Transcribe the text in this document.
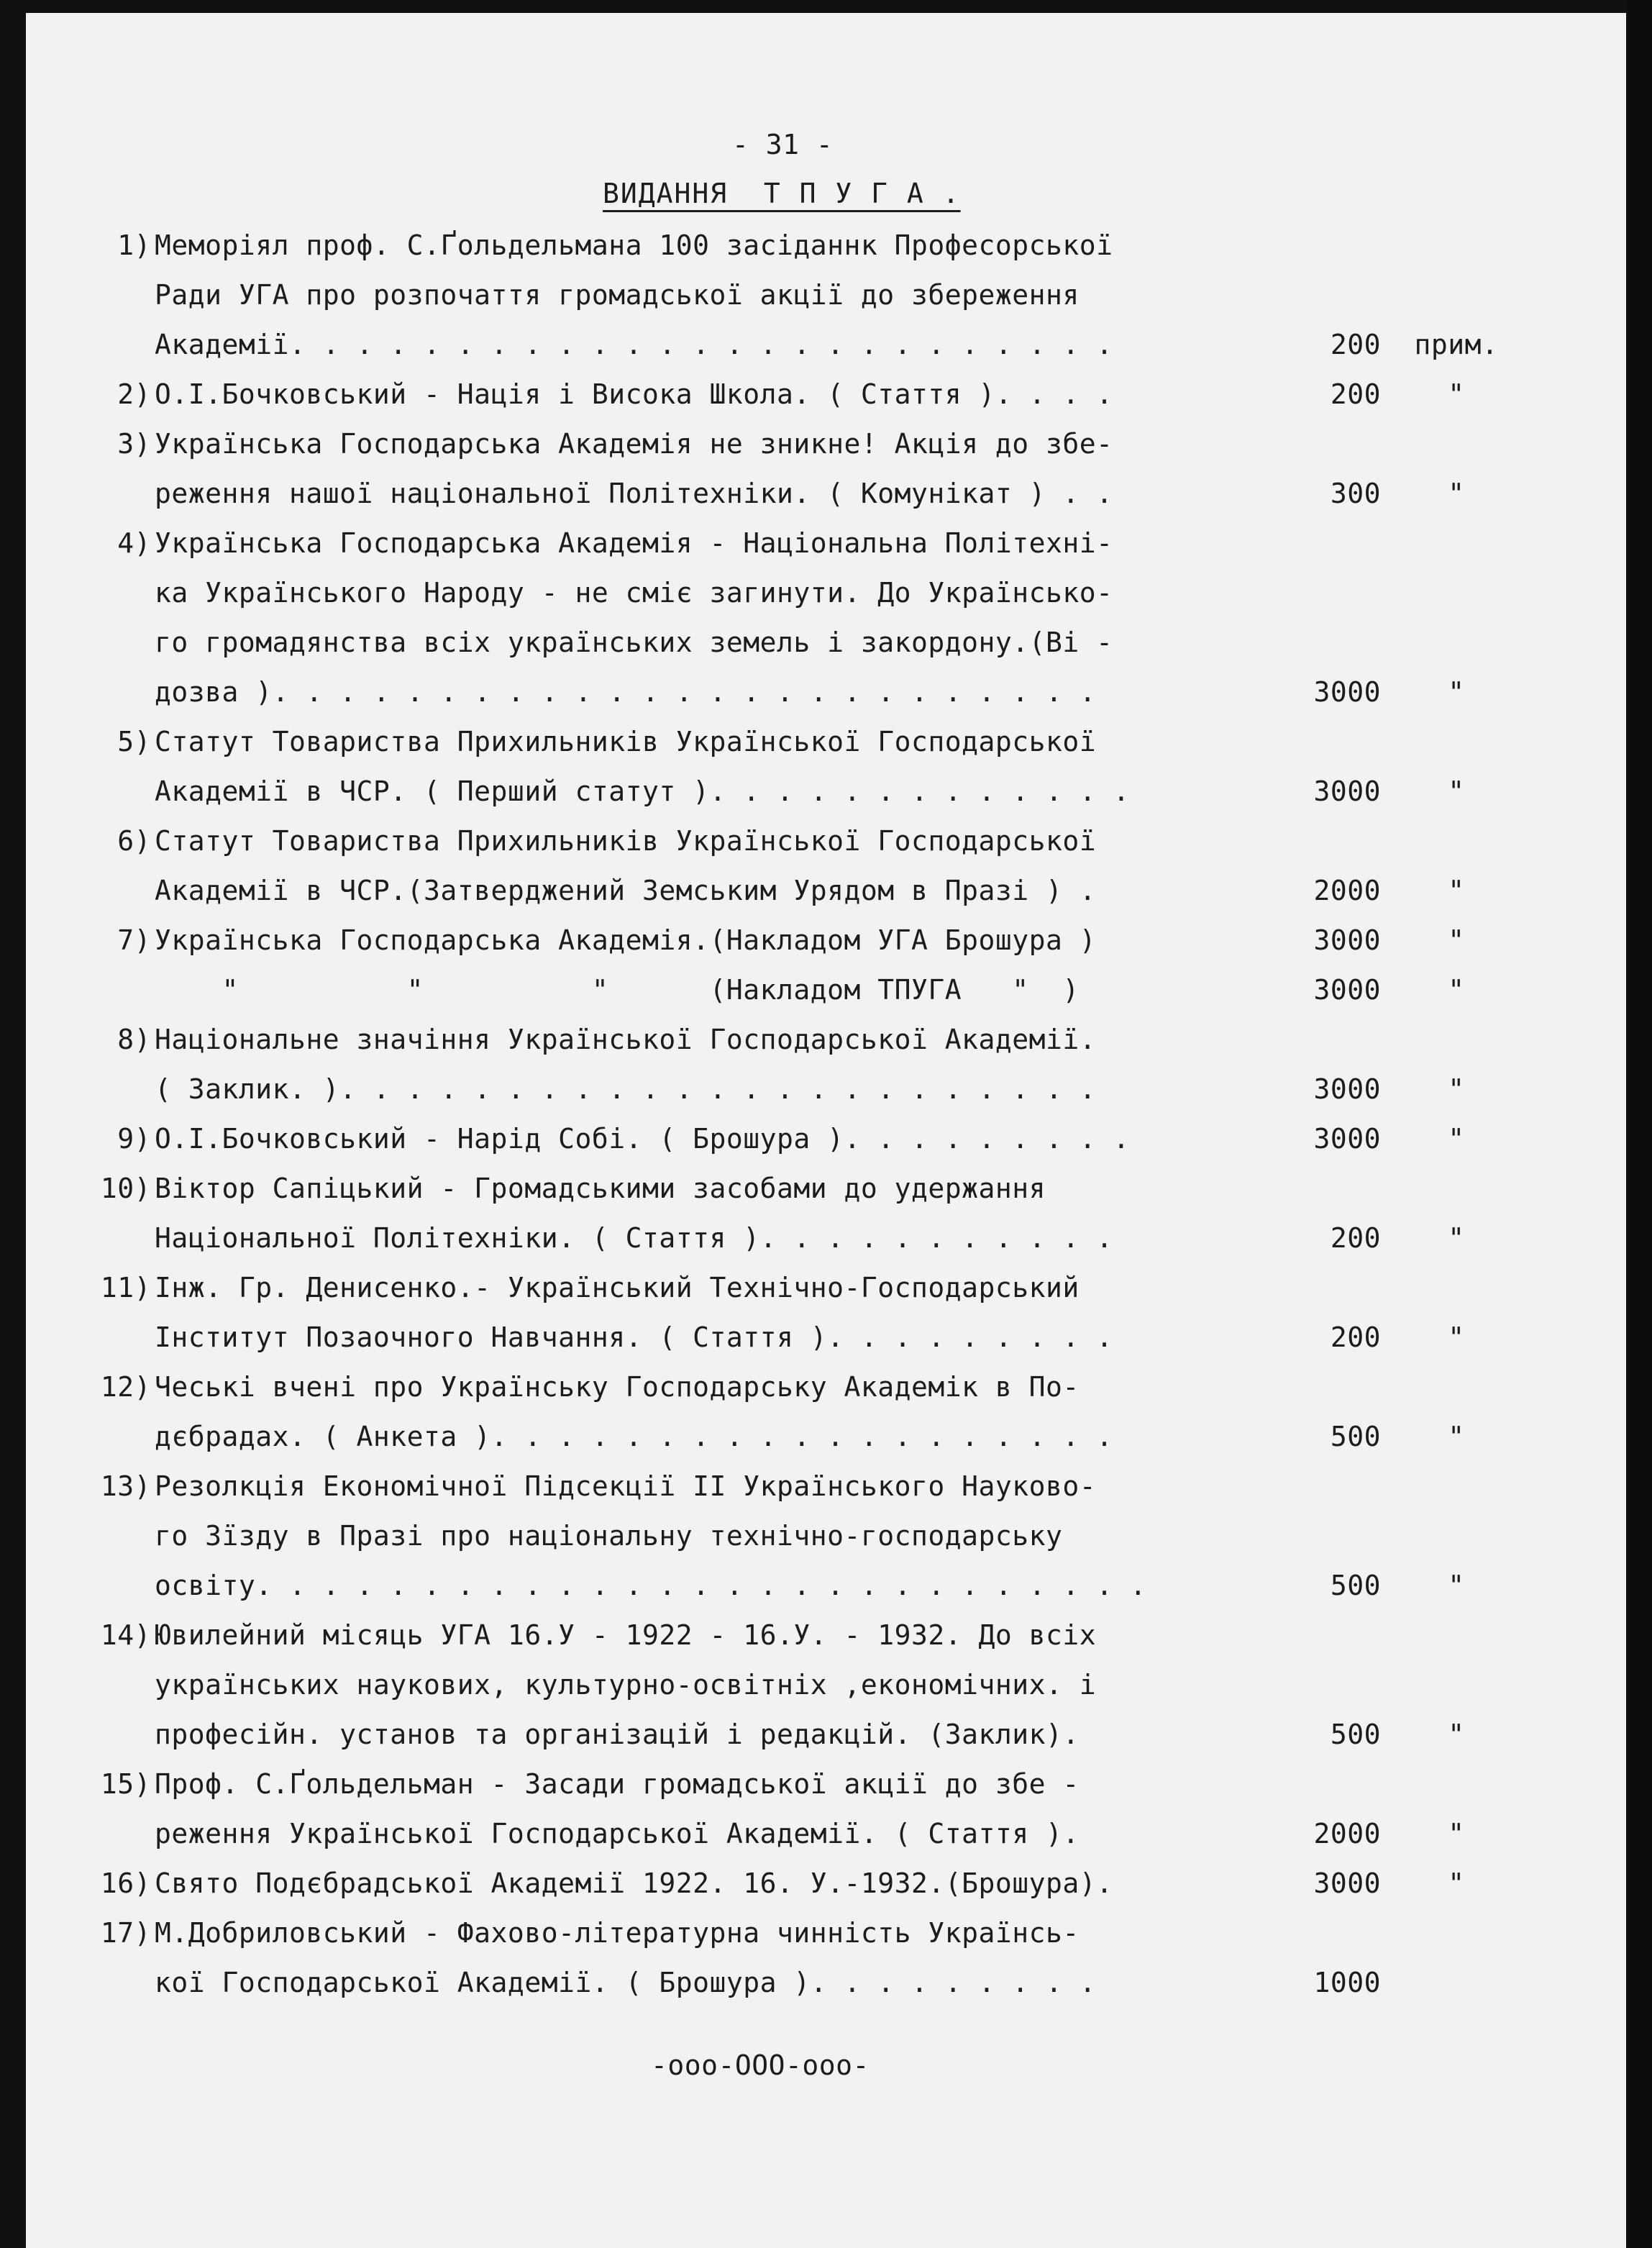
- 31 -
ВИДАННЯ  Т П У Г А .
1) Меморіял проф. С.Ґольдельмана 100 засіданнк Професорської
Ради УГА про розпочаття громадської акції до збереження
Академії. . . . . . . . . . . . . . . . . . . . . . . . .	200 прим.
2) О.І.Бочковський - Нація і Висока Школа. ( Стаття ). . . .	200	"
3) Українська Господарська Академія не зникне! Акція до збе-
реження нашої національної Політехніки. ( Комунікат ) . .	300	"
4) Українська Господарська Академія - Національна Політехні-
ка Українського Народу - не сміє загинути. До Українсько-
го громадянства всіх українських земель і закордону.(Ві -
дозва ). . . . . . . . . . . . . . . . . . . . . . . . .	3000	"
5) Статут Товариства Прихильників Української Господарської
Академії в ЧСР. ( Перший статут ). . . . . . . . . . . . .	3000	"
6) Статут Товариства Прихильників Української Господарської
Академії в ЧСР.(Затверджений Земським Урядом в Празі ) .	2000	"
7) Українська Господарська Академія.(Накладом УГА Брошура )	3000	"
"          "          "      (Накладом ТПУГА   "  )	3000	"
8) Національне значіння Української Господарської Академії.
( Заклик. ). . . . . . . . . . . . . . . . . . . . . . .	3000	"
9) О.І.Бочковський - Нарід Собі. ( Брошура ). . . . . . . . .	3000	"
10) Віктор Сапіцький - Громадськими засобами до удержання
Національної Політехніки. ( Стаття ). . . . . . . . . . .	200	"
11) Інж. Гр. Денисенко.- Український Технічно-Господарський
Інститут Позаочного Навчання. ( Стаття ). . . . . . . . .	200	"
12) Чеські вчені про Українську Господарську Академік в По-
дєбрадах. ( Анкета ). . . . . . . . . . . . . . . . . . .	500	"
13) Резолкція Економічної Підсекції II Українського Науково-
го Зїзду в Празі про національну технічно-господарську
освіту. . . . . . . . . . . . . . . . . . . . . . . . . . .	500	"
14) Ювилейний місяць УГА 16.У - 1922 - 16.У. - 1932. До всіх
українських наукових, культурно-освітніх ,економічних. і
професійн. установ та організацій і редакцій. (Заклик).	500	"
15) Проф. С.Ґольдельман - Засади громадської акції до збе -
реження Української Господарської Академії. ( Стаття ).	2000	"
16) Свято Подєбрадської Академії 1922. 16. У.-1932.(Брошура).	3000	"
17) М.Добриловський - Фахово-літературна чинність Українсь-
кої Господарської Академії. ( Брошура ). . . . . . . . .	1000
-ооо-ООО-ооо-
